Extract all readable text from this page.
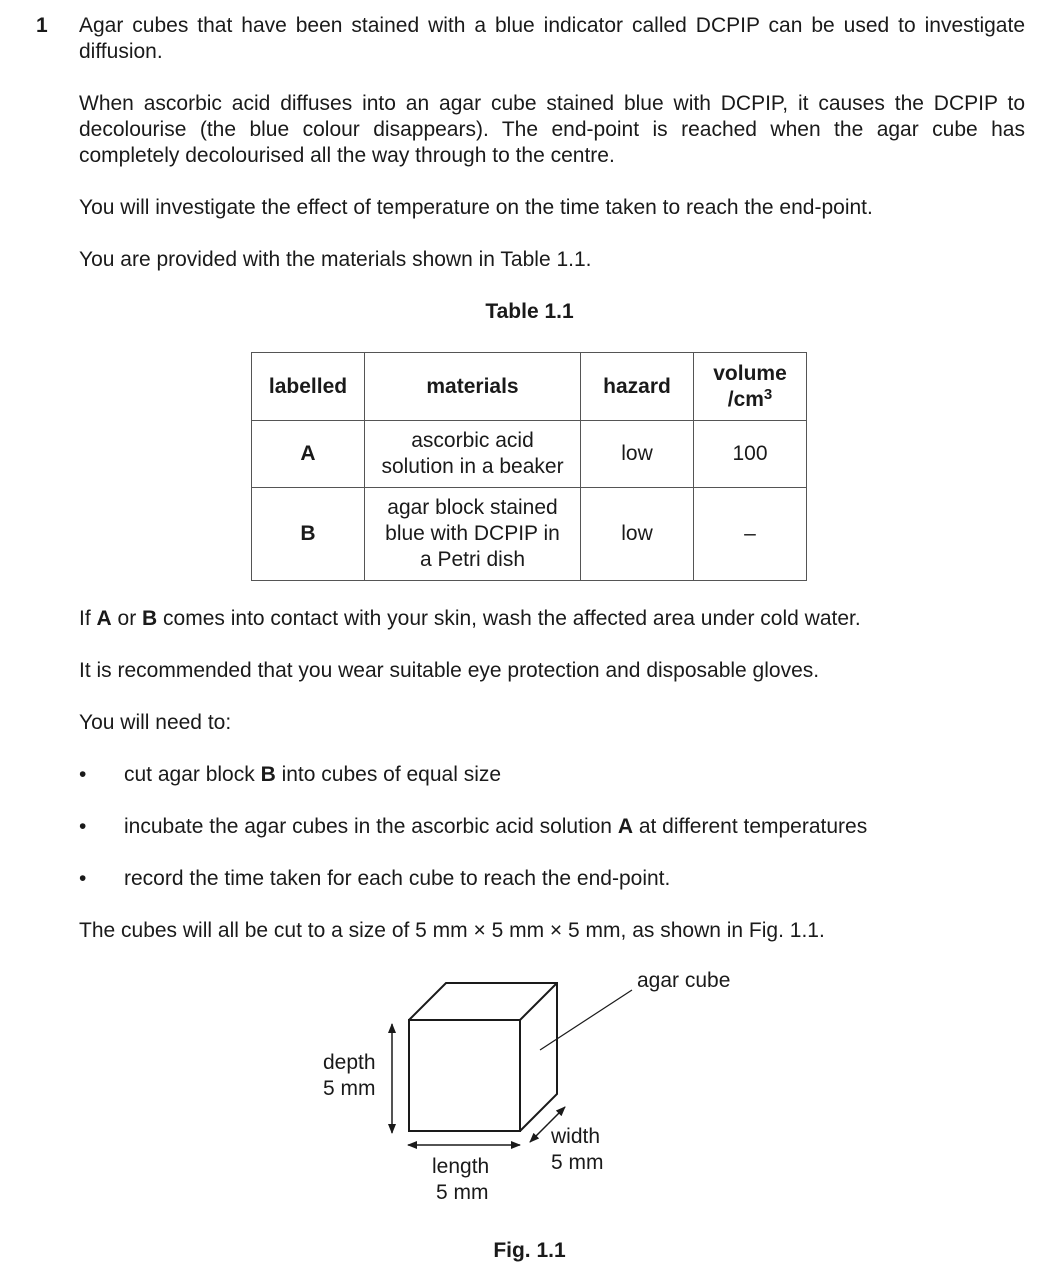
1 Agar cubes that have been stained with a blue indicator called DCPIP can be used to investigate diffusion.
When ascorbic acid diffuses into an agar cube stained blue with DCPIP, it causes the DCPIP to decolourise (the blue colour disappears). The end-point is reached when the agar cube has completely decolourised all the way through to the centre.
You will investigate the effect of temperature on the time taken to reach the end-point.
You are provided with the materials shown in Table 1.1.
Table 1.1
labelled	materials	hazard	volume
$/cm^3$
A	ascorbic acid
solution in a beaker	low	100
B	agar block stained
blue with DCPIP in
a Petri dish	low	–
If A or B comes into contact with your skin, wash the affected area under cold water.
It is recommended that you wear suitable eye protection and disposable gloves.
You will need to:
• cut agar block B into cubes of equal size
• incubate the agar cubes in the ascorbic acid solution A at different temperatures
• record the time taken for each cube to reach the end-point.
The cubes will all be cut to a size of 5 mm × 5 mm × 5 mm, as shown in Fig. 1.1.
agar cube
depth
5 mm
length
5 mm
width
5 mm
Fig. 1.1
